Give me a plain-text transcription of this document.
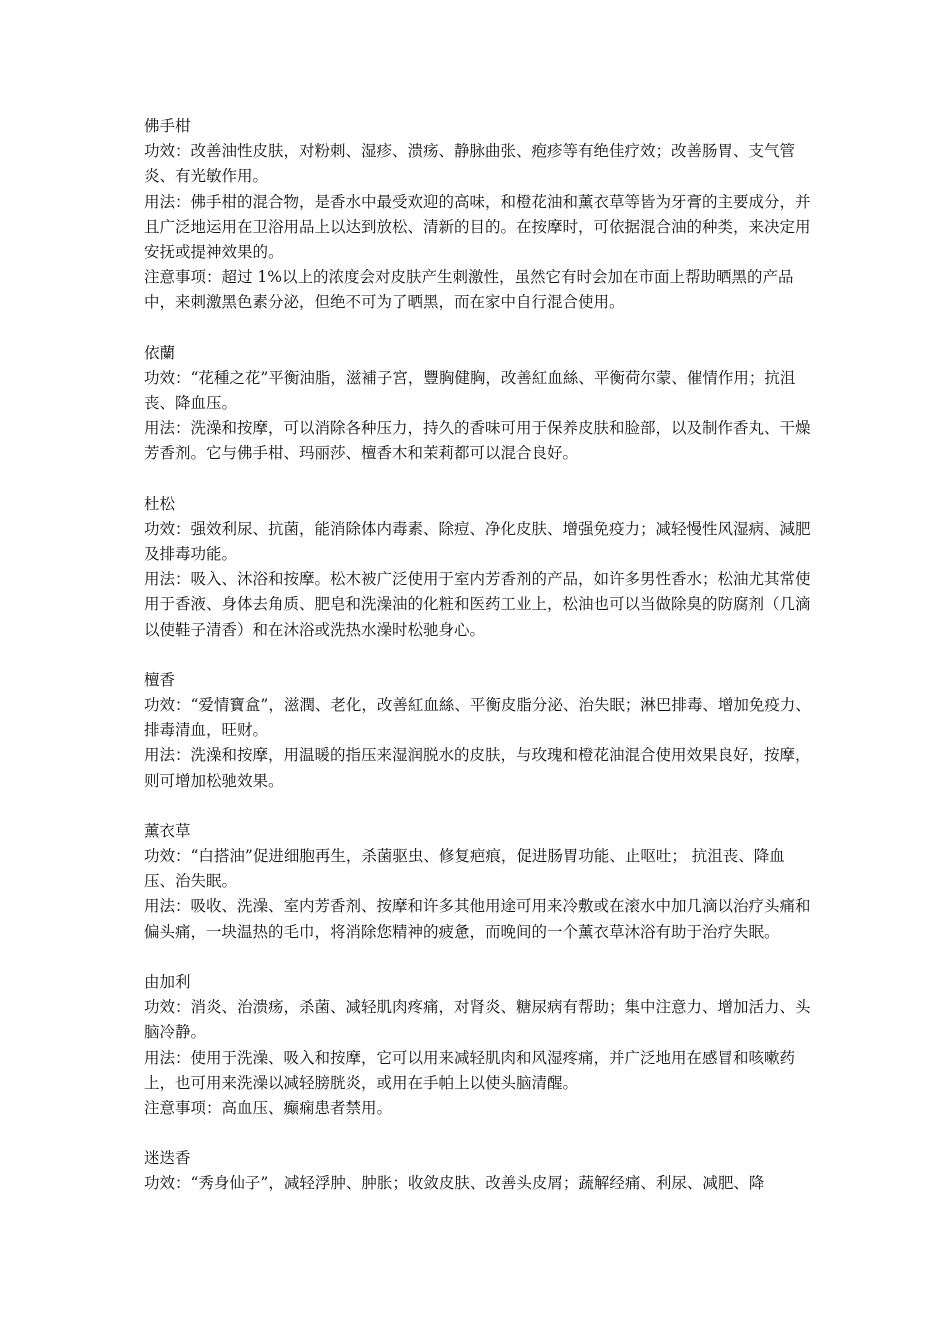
佛手柑

功效：改善油性皮肤，对粉刺、湿疹、溃疡、静脉曲张、疱疹等有绝佳疗效；改善肠胃、支气管炎、有光敏作用。

用法：佛手柑的混合物，是香水中最受欢迎的高味，和橙花油和薰衣草等皆为牙膏的主要成分，并且广泛地运用在卫浴用品上以达到放松、清新的目的。在按摩时，可依据混合油的种类，来决定用安抚或提神效果的。

注意事项：超过 1%以上的浓度会对皮肤产生刺激性，虽然它有时会加在市面上帮助晒黑的产品中，来刺激黑色素分泌，但绝不可为了晒黑，而在家中自行混合使用。

依蘭

功效：“花種之花”平衡油脂，滋補子宮，豐胸健胸，改善紅血絲、平衡荷尔蒙、催情作用；抗沮丧、降血压。

用法：洗澡和按摩，可以消除各种压力，持久的香味可用于保养皮肤和脸部，以及制作香丸、干燥芳香剂。它与佛手柑、玛丽莎、檀香木和茉莉都可以混合良好。

杜松

功效：强效利尿、抗菌，能消除体内毒素、除痘、净化皮肤、增强免疫力；减轻慢性风湿病、減肥及排毒功能。

用法：吸入、沐浴和按摩。松木被广泛使用于室内芳香剂的产品，如许多男性香水；松油尤其常使用于香液、身体去角质、肥皂和洗澡油的化粧和医药工业上，松油也可以当做除臭的防腐剂（几滴以使鞋子清香）和在沐浴或洗热水澡时松驰身心。

檀香

功效：“爱情寶盒”，滋潤、老化，改善紅血絲、平衡皮脂分泌、治失眠；淋巴排毒、增加免疫力、排毒清血，旺财。

用法：洗澡和按摩，用温暖的指压来湿润脱水的皮肤，与玫瑰和橙花油混合使用效果良好，按摩，则可增加松驰效果。

薰衣草

功效：“白搭油”促进细胞再生，杀菌驱虫、修复疤痕，促进肠胃功能、止呕吐； 抗沮丧、降血压、治失眠。

用法：吸收、洗澡、室内芳香剂、按摩和许多其他用途可用来冷敷或在滚水中加几滴以治疗头痛和偏头痛，一块温热的毛巾，将消除您精神的疲惫，而晚间的一个薰衣草沐浴有助于治疗失眠。

由加利

功效：消炎、治溃疡，杀菌、减轻肌肉疼痛，对肾炎、糖尿病有帮助；集中注意力、增加活力、头脑冷静。

用法：使用于洗澡、吸入和按摩，它可以用来减轻肌肉和风湿疼痛，并广泛地用在感冒和咳嗽药上，也可用来洗澡以减轻膀胱炎，或用在手帕上以使头脑清醒。

注意事项：高血压、癫痫患者禁用。

迷迭香

功效：“秀身仙子”，减轻浮肿、肿胀；收敛皮肤、改善头皮屑；蔬解经痛、利尿、减肥、降
